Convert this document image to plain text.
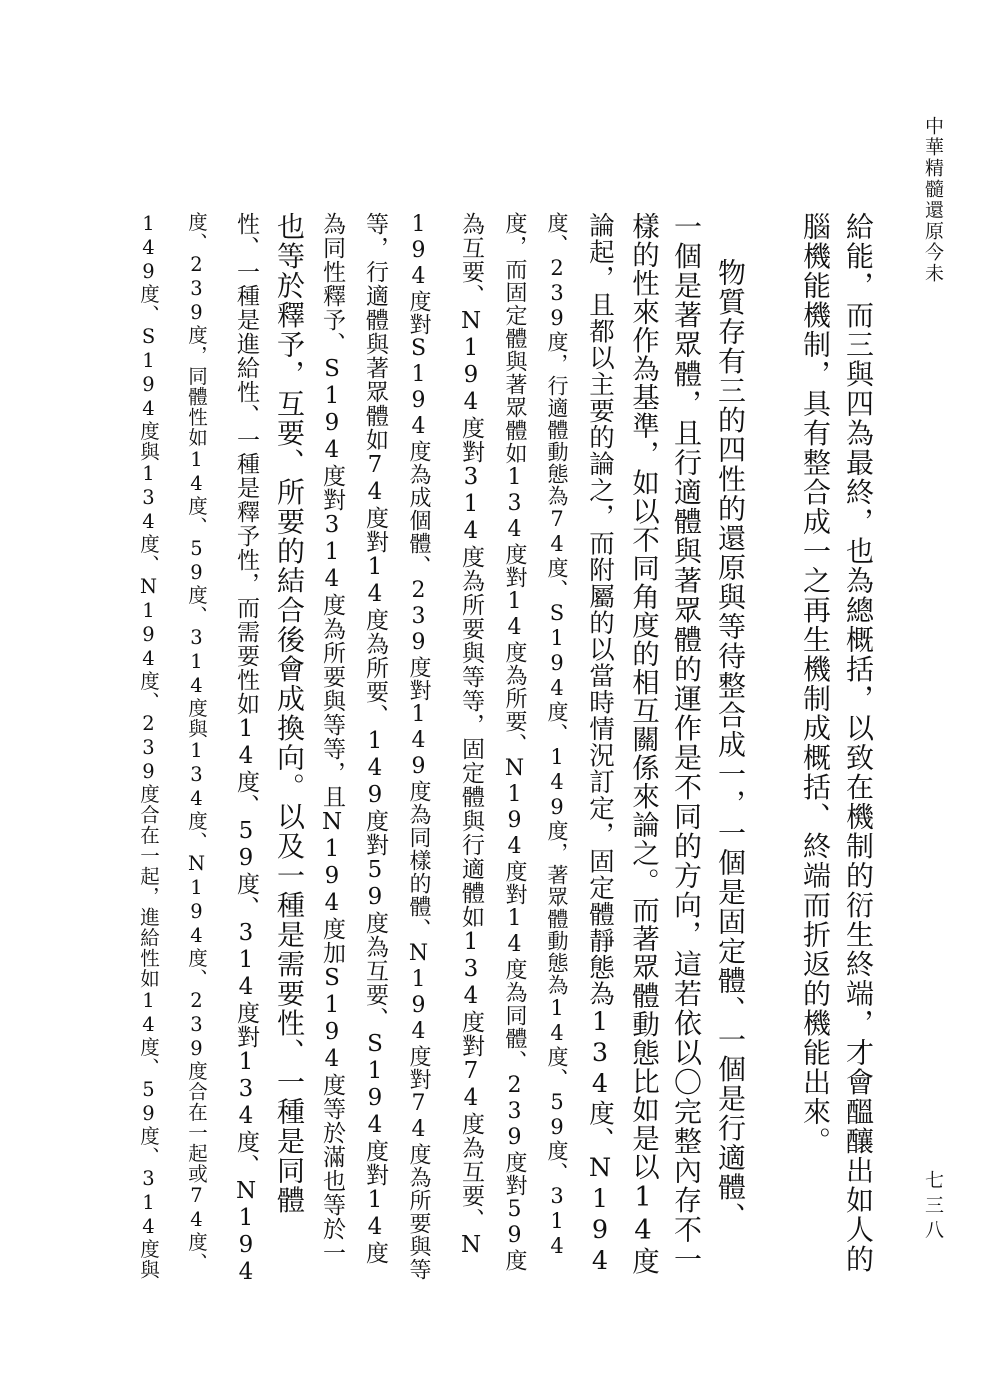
中華精髓還原今未
七三八
給能，而三與四為最終，也為總概括，以致在機制的衍生終端，才會醞釀出如人的
腦機能機制，具有整合成一之再生機制成概括、終端而折返的機能出來。
物質存有三的四性的還原與等待整合成一，一個是固定體、一個是行適體、
一個是著眾體，且行適體與著眾體的運作是不同的方向，這若依以〇完整內存不一
樣的性來作為基準，如以不同角度的相互關係來論之。而著眾體動態比如是以14度
論起，且都以主要的論之，而附屬的以當時情況訂定，固定體靜態為134度、N194
度、239度，行適體動態為74度、S194度、149度，著眾體動態為14度、59度、314
度，而固定體與著眾體如134度對14度為所要、N194度對14度為同體、239度對59度
為互要、N194度對314度為所要與等等，固定體與行適體如134度對74度為互要、N
194度對S194度為成個體、239度對149度為同樣的體、N194度對74度為所要與等
等，行適體與著眾體如74度對14度為所要、149度對59度為互要、S194度對14度
為同性釋予、S194度對314度為所要與等等，且N194度加S194度等於滿也等於一
也等於釋予，互要、所要的結合後會成換向。以及一種是需要性、一種是同體
性、一種是進給性、一種是釋予性，而需要性如14度、59度、314度對134度、N194
度、239度，同體性如14度、59度、314度與134度、N194度、239度合在一起或74度、
149度、S194度與134度、N194度、239度合在一起，進給性如14度、59度、314度與
